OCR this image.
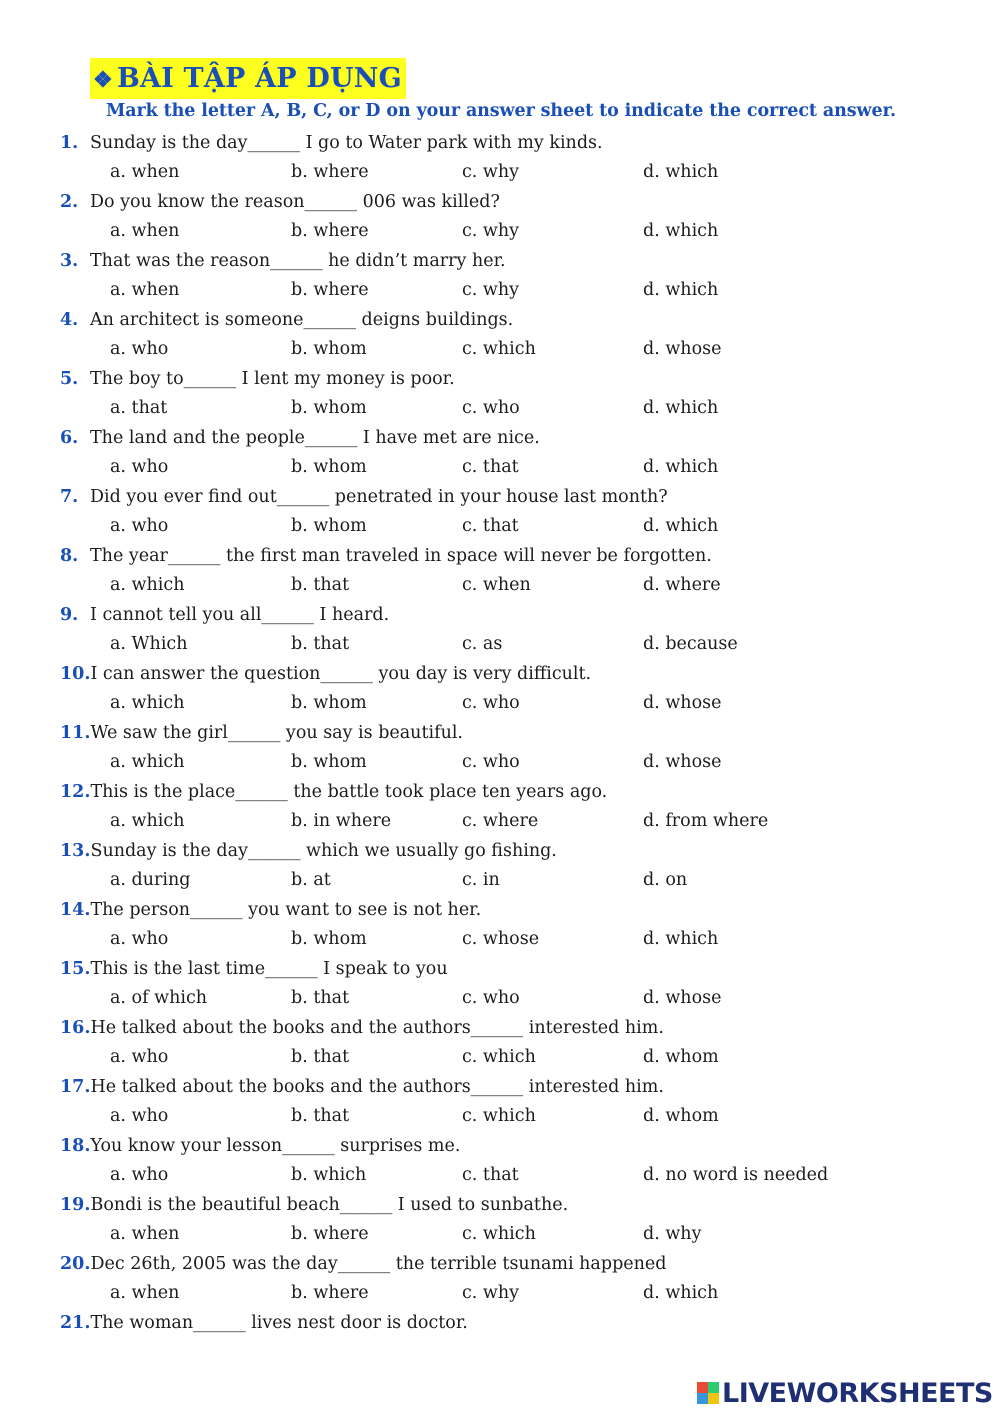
❖ BÀI TẬP ÁP DỤNG
Mark the letter A, B, C, or D on your answer sheet to indicate the correct answer.
1. Sunday is the day______ I go to Water park with my kinds.
a. when	b. where	c. why	d. which
2. Do you know the reason______ 006 was killed?
a. when	b. where	c. why	d. which
3. That was the reason______ he didn’t marry her.
a. when	b. where	c. why	d. which
4. An architect is someone______ deigns buildings.
a. who	b. whom	c. which	d. whose
5. The boy to______ I lent my money is poor.
a. that	b. whom	c. who	d. which
6. The land and the people______ I have met are nice.
a. who	b. whom	c. that	d. which
7. Did you ever find out______ penetrated in your house last month?
a. who	b. whom	c. that	d. which
8. The year______ the first man traveled in space will never be forgotten.
a. which	b. that	c. when	d. where
9. I cannot tell you all______ I heard.
a. Which	b. that	c. as	d. because
10.I can answer the question______ you day is very difficult.
a. which	b. whom	c. who	d. whose
11.We saw the girl______ you say is beautiful.
a. which	b. whom	c. who	d. whose
12.This is the place______ the battle took place ten years ago.
a. which	b. in where	c. where	d. from where
13.Sunday is the day______ which we usually go fishing.
a. during	b. at	c. in	d. on
14.The person______ you want to see is not her.
a. who	b. whom	c. whose	d. which
15.This is the last time______ I speak to you
a. of which	b. that	c. who	d. whose
16.He talked about the books and the authors______ interested him.
a. who	b. that	c. which	d. whom
17.He talked about the books and the authors______ interested him.
a. who	b. that	c. which	d. whom
18.You know your lesson______ surprises me.
a. who	b. which	c. that	d. no word is needed
19.Bondi is the beautiful beach______ I used to sunbathe.
a. when	b. where	c. which	d. why
20.Dec 26th, 2005 was the day______ the terrible tsunami happened
a. when	b. where	c. why	d. which
21.The woman______ lives nest door is doctor.
LIVEWORKSHEETS
